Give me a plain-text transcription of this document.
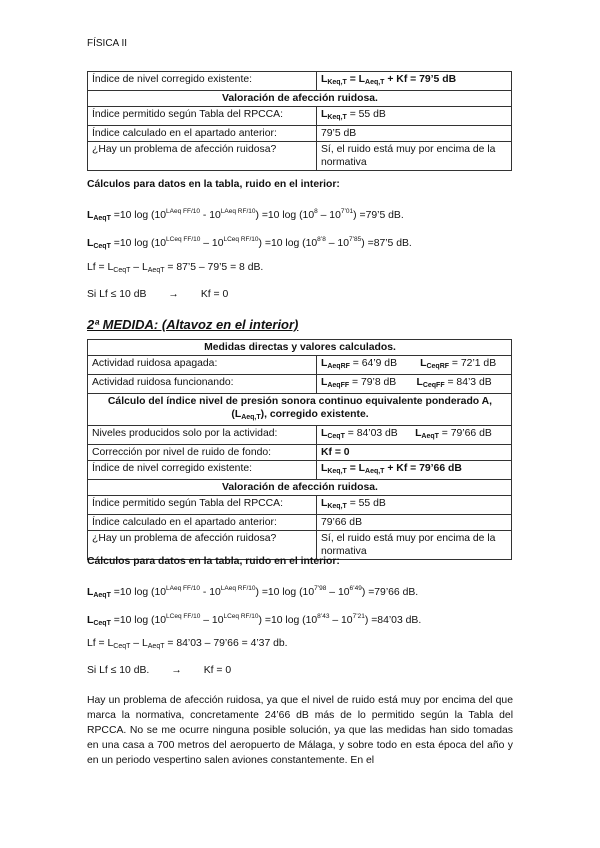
FÍSICA II
Índice de nivel corregido existente:	$L_{Keq,T} = L_{Aeq,T} + Kf$ = 79’5 dB
Valoración de afección ruidosa.	
Índice permitido según Tabla del RPCCA:	$L_{Keq,T} = 55$ dB
Índice calculado en el apartado anterior:	79’5 dB
¿Hay un problema de afección ruidosa?	Sí, el ruido está muy por encima de la normativa
Cálculos para datos en la tabla, ruido en el interior:
$L_{AeqT} =10$ $\log (10^{LAeq FF/10} - 10^{LAeq RF/10}) =10$ $\log (10^8 - 10^{7’01})$ =79’5 dB.
$L_{CeqT} =10$ $\log (10^{LCeq FF/10} - 10^{LCeq RF/10}) =10$ $\log (10^{8’8} - 10^{7’85})$ =87’5 dB.
$Lf = L_{CeqT} - L_{AeqT}$ = 87’5 – 79’5 = 8 dB.
Si Lf ≤ 10 dB → Kf = 0
2ª MEDIDA: (Altavoz en el interior)
Medidas directas y valores calculados.	
Actividad ruidosa apagada:	$L_{AeqRF}$ = 64’9 dB $L_{CeqRF}$ = 72’1 dB
Actividad ruidosa funcionando:	$L_{AeqFF}$ = 79’8 dB $L_{CeqFF}$ = 84’3 dB
Cálculo del índice nivel de presión sonora continuo equivalente ponderado A, $(L_{Aeq,T})$, corregido existente.	
Niveles producidos solo por la actividad:	$L_{CeqT}$ = 84’03 dB $L_{AeqT}$ = 79’66 dB
Corrección por nivel de ruido de fondo:	Kf = 0
Índice de nivel corregido existente:	$L_{Keq,T} = L_{Aeq,T} + Kf$ = 79’66 dB
Valoración de afección ruidosa.	
Índice permitido según Tabla del RPCCA:	$L_{Keq,T} = 55$ dB
Índice calculado en el apartado anterior:	79’66 dB
¿Hay un problema de afección ruidosa?	Sí, el ruido está muy por encima de la normativa
Cálculos para datos en la tabla, ruido en el interior:
$L_{AeqT} =10$ $\log (10^{LAeq FF/10} - 10^{LAeq RF/10}) =10$ $\log (10^{7’98} - 10^{6’49})$ =79’66 dB.
$L_{CeqT} =10$ $\log (10^{LCeq FF/10} - 10^{LCeq RF/10}) =10$ $\log (10^{8’43} - 10^{7’21})$ =84’03 dB.
$Lf = L_{CeqT} - L_{AeqT}$ = 84’03 – 79’66 = 4’37 db.
Si Lf ≤ 10 dB. → Kf = 0
Hay un problema de afección ruidosa, ya que el nivel de ruido está muy por encima del que marca la normativa, concretamente 24’66 dB más de lo permitido según la Tabla del RPCCA. No se me ocurre ninguna posible solución, ya que las medidas han sido tomadas en una casa a 700 metros del aeropuerto de Málaga, y sobre todo en esta época del año y en un periodo vespertino salen aviones constantemente. En el
